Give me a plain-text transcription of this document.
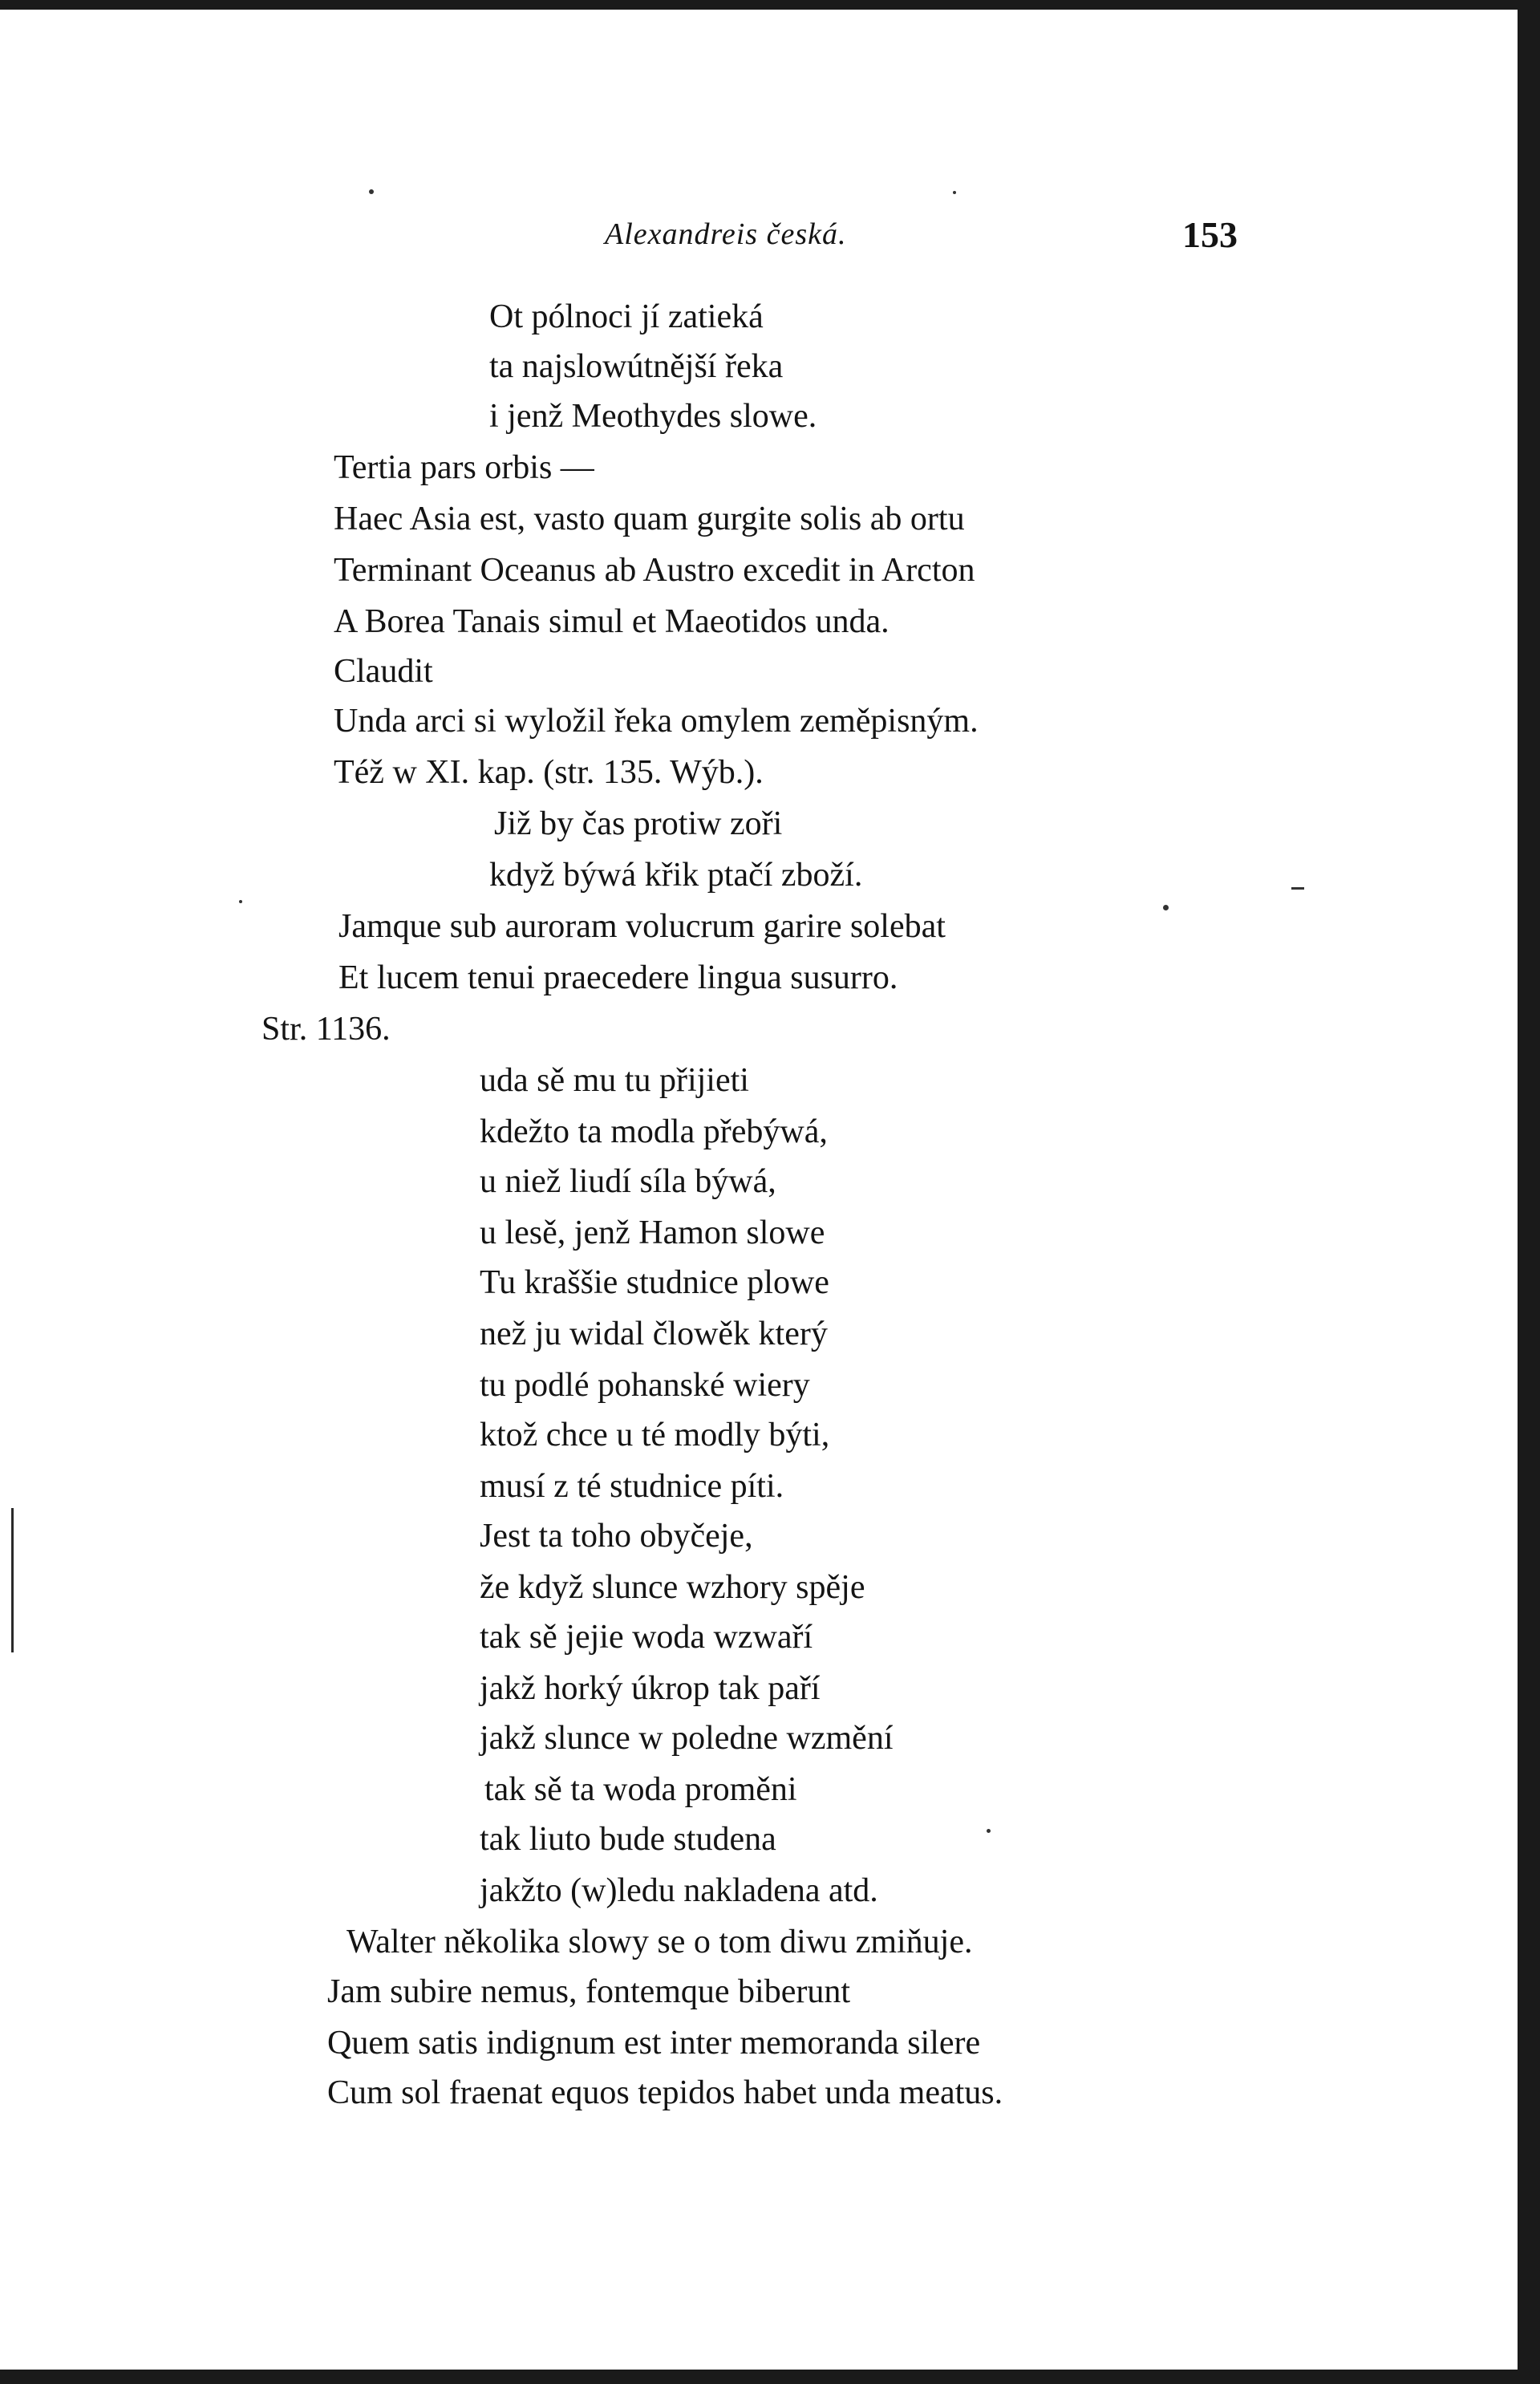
Alexandreis česká.	153
Ot pólnoci jí zatieká
ta najslowútnější řeka
i jenž Meothydes slowe.
Tertia pars orbis —
Haec Asia est, vasto quam gurgite solis ab ortu
Terminant Oceanus ab Austro excedit in Arcton
A Borea Tanais simul et Maeotidos unda.
Claudit
Unda arci si wyložil řeka omylem zeměpisným.
Též w XI. kap. (str. 135. Wýb.).
Již by čas protiw zoři
když býwá křik ptačí zboží.
Jamque sub auroram volucrum garire solebat
Et lucem tenui praecedere lingua susurro.
Str. 1136.
uda sě mu tu přijieti
kdežto ta modla přebýwá,
u niež liudí síla býwá,
u lesě, jenž Hamon slowe
Tu kraššie studnice plowe
než ju widal člowěk který
tu podlé pohanské wiery
ktož chce u té modly býti,
musí z té studnice píti.
Jest ta toho obyčeje,
že když slunce wzhory spěje
tak sě jejie woda wzwaří
jakž horký úkrop tak paří
jakž slunce w poledne wzmění
tak sě ta woda proměni
tak liuto bude studena
jakžto (w)ledu nakladena atd.
Walter několika slowy se o tom diwu zmiňuje.
Jam subire nemus, fontemque biberunt
Quem satis indignum est inter memoranda silere
Cum sol fraenat equos tepidos habet unda meatus.
